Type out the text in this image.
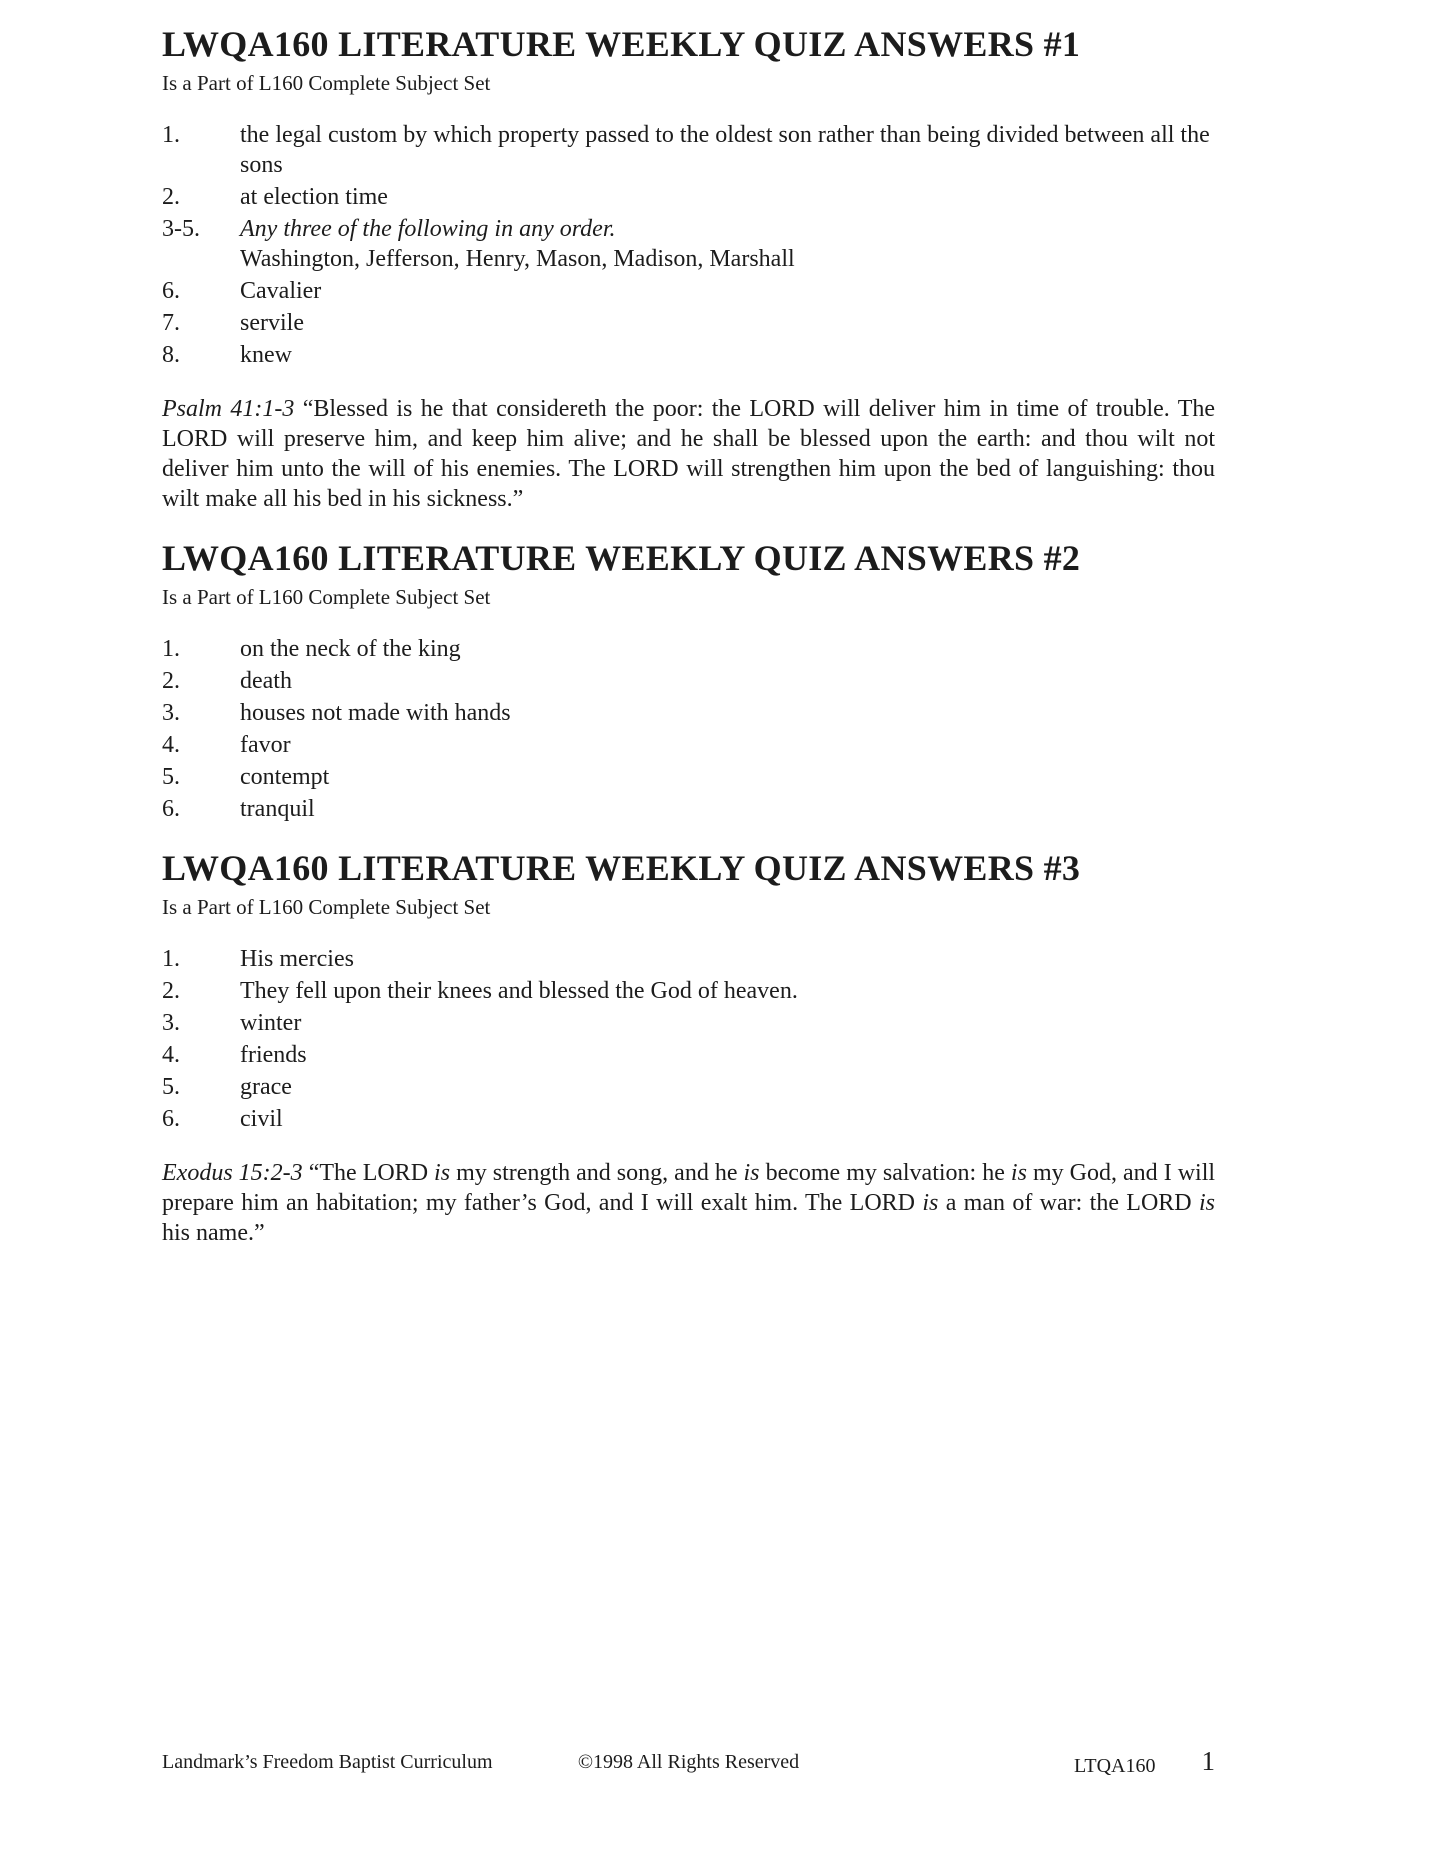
LWQA160 LITERATURE WEEKLY QUIZ ANSWERS #1
Is a Part of L160 Complete Subject Set
1.	the legal custom by which property passed to the oldest son rather than being divided between all the sons
2.	at election time
3-5.	Any three of the following in any order.
Washington, Jefferson, Henry, Mason, Madison, Marshall
6.	Cavalier
7.	servile
8.	knew

Psalm 41:1-3 “Blessed is he that considereth the poor: the LORD will deliver him in time of trouble. The LORD will preserve him, and keep him alive; and he shall be blessed upon the earth: and thou wilt not deliver him unto the will of his enemies. The LORD will strengthen him upon the bed of languishing: thou wilt make all his bed in his sickness.”

LWQA160 LITERATURE WEEKLY QUIZ ANSWERS #2
Is a Part of L160 Complete Subject Set
1.	on the neck of the king
2.	death
3.	houses not made with hands
4.	favor
5.	contempt
6.	tranquil
LWQA160 LITERATURE WEEKLY QUIZ ANSWERS #3
Is a Part of L160 Complete Subject Set
1.	His mercies
2.	They fell upon their knees and blessed the God of heaven.
3.	winter
4.	friends
5.	grace
6.	civil

Exodus 15:2-3 “The LORD is my strength and song, and he is become my salvation: he is my God, and I will prepare him an habitation; my father’s God, and I will exalt him. The LORD is a man of war: the LORD is his name.”

Landmark’s Freedom Baptist Curriculum	©1998 All Rights Reserved	LTQA160 1
